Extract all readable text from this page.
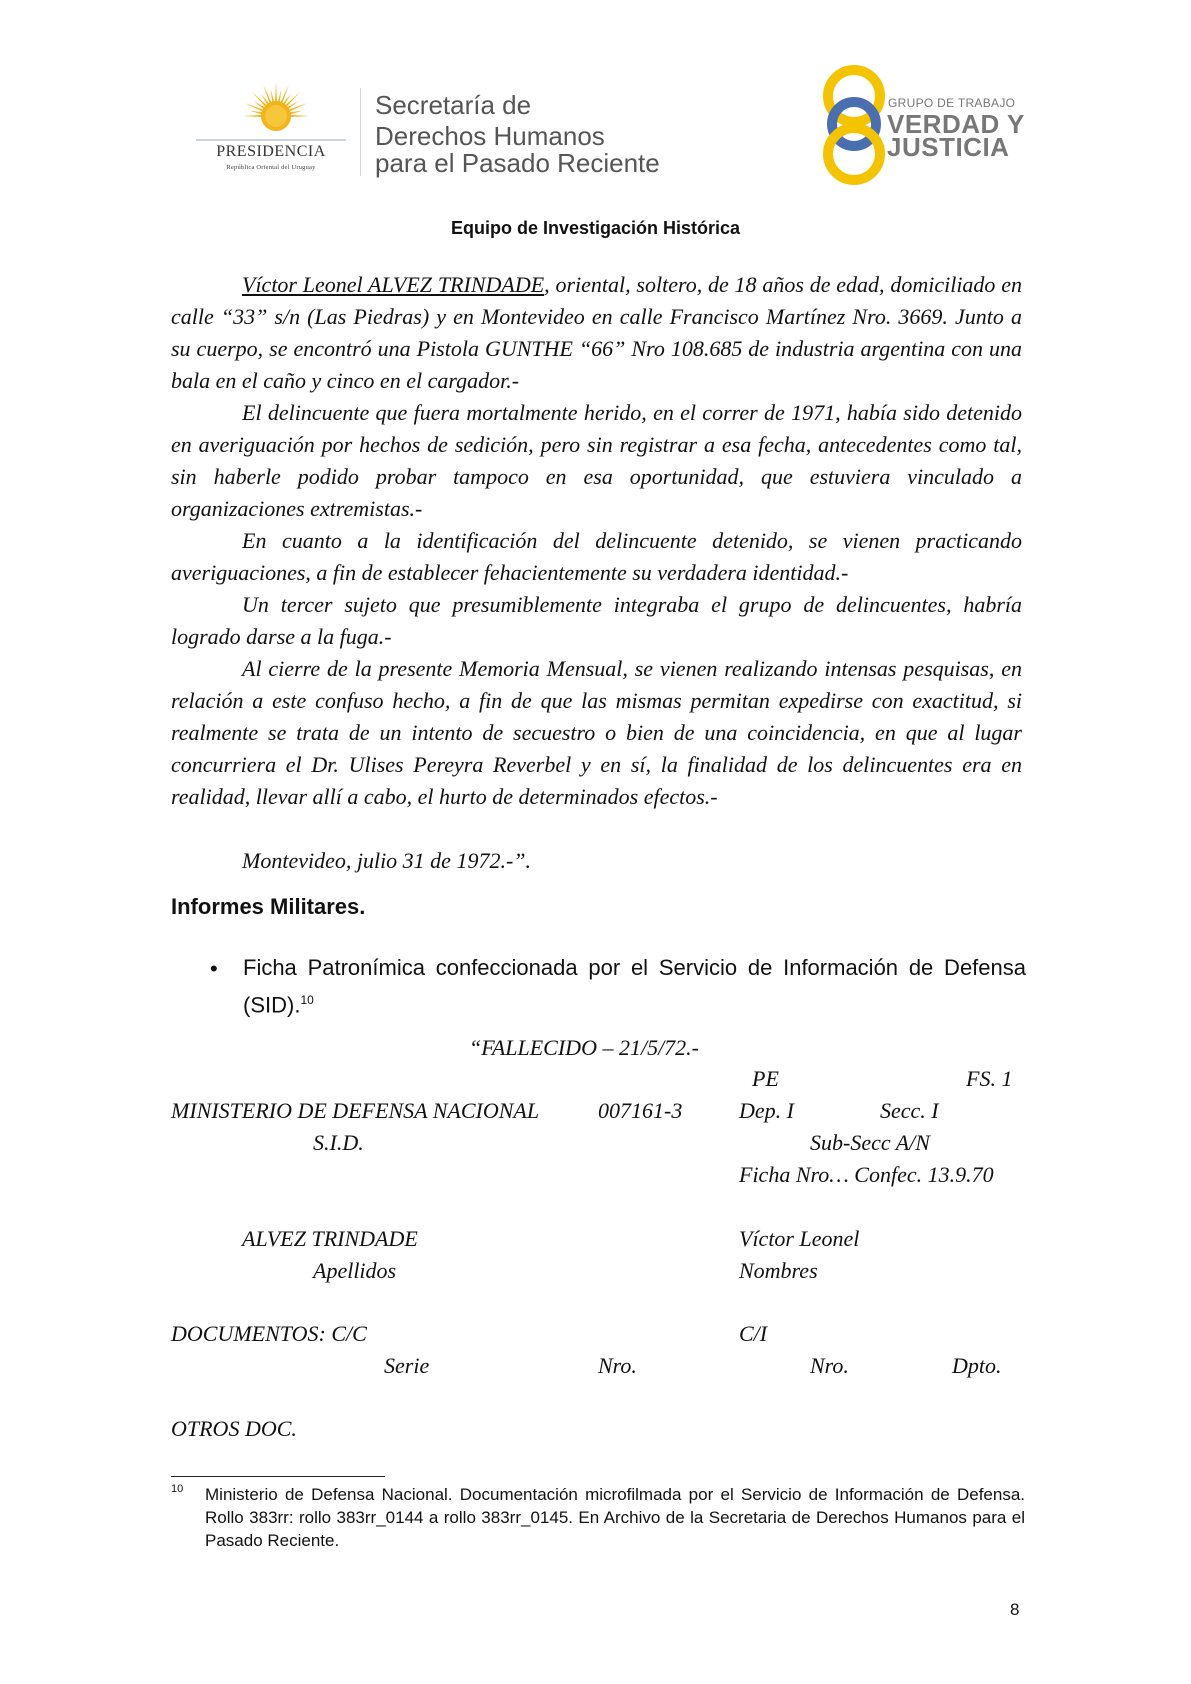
PRESIDENCIA
República Oriental del Uruguay
Secretaría de
Derechos Humanos
para el Pasado Reciente
GRUPO DE TRABAJO
VERDAD Y
JUSTICIA
Equipo de Investigación Histórica

Víctor Leonel ALVEZ TRINDADE, oriental, soltero, de 18 años de edad, domiciliado en calle “33” s/n (Las Piedras) y en Montevideo en calle Francisco Martínez Nro. 3669. Junto a su cuerpo, se encontró una Pistola GUNTHE “66” Nro 108.685 de industria argentina con una bala en el caño y cinco en el cargador.-

El delincuente que fuera mortalmente herido, en el correr de 1971, había sido detenido en averiguación por hechos de sedición, pero sin registrar a esa fecha, antecedentes como tal, sin haberle podido probar tampoco en esa oportunidad, que estuviera vinculado a organizaciones extremistas.-

En cuanto a la identificación del delincuente detenido, se vienen practicando averiguaciones, a fin de establecer fehacientemente su verdadera identidad.-

Un tercer sujeto que presumiblemente integraba el grupo de delincuentes, habría logrado darse a la fuga.-

Al cierre de la presente Memoria Mensual, se vienen realizando intensas pesquisas, en relación a este confuso hecho, a fin de que las mismas permitan expedirse con exactitud, si realmente se trata de un intento de secuestro o bien de una coincidencia, en que al lugar concurriera el Dr. Ulises Pereyra Reverbel y en sí, la finalidad de los delincuentes era en realidad, llevar allí a cabo, el hurto de determinados efectos.-

Montevideo, julio 31 de 1972.-”.

Informes Militares.
• Ficha Patronímica confeccionada por el Servicio de Información de Defensa (SID).$^{10}$
“FALLECIDO – 21/5/72.-
PE	FS. 1
MINISTERIO DE DEFENSA NACIONAL	007161-3	Dep. I	Secc. I
S.I.D.	Sub-Secc A/N
Ficha Nro… Confec. 13.9.70
ALVEZ TRINDADE	Víctor Leonel
Apellidos	Nombres
DOCUMENTOS: C/C	C/I
Serie	Nro.	Nro.	Dpto.
OTROS DOC.
10 Ministerio de Defensa Nacional. Documentación microfilmada por el Servicio de Información de Defensa. Rollo 383rr: rollo 383rr_0144 a rollo 383rr_0145. En Archivo de la Secretaria de Derechos Humanos para el Pasado Reciente.
8
